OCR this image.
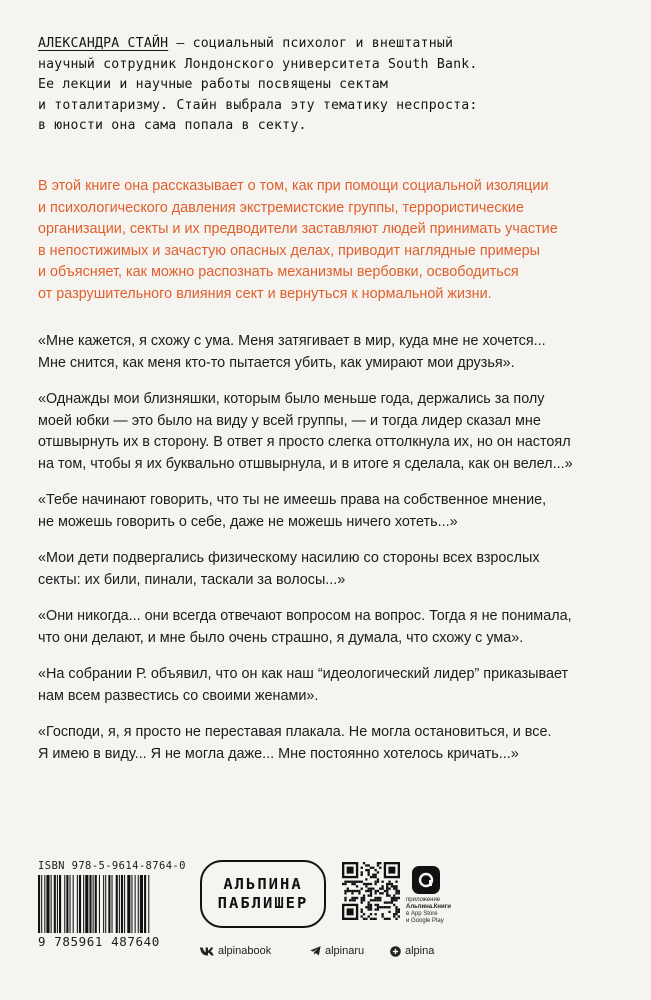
АЛЕКСАНДРА СТАЙН — социальный психолог и внештатный
научный сотрудник Лондонского университета South Bank.
Ее лекции и научные работы посвящены сектам
и тоталитаризму. Стайн выбрала эту тематику неспроста:
в юности она сама попала в секту.
В этой книге она рассказывает о том, как при помощи социальной изоляции
и психологического давления экстремистские группы, террористические
организации, секты и их предводители заставляют людей принимать участие
в непостижимых и зачастую опасных делах, приводит наглядные примеры
и объясняет, как можно распознать механизмы вербовки, освободиться
от разрушительного влияния сект и вернуться к нормальной жизни.
«Мне кажется, я схожу с ума. Меня затягивает в мир, куда мне не хочется...
Мне снится, как меня кто-то пытается убить, как умирают мои друзья».
«Однажды мои близняшки, которым было меньше года, держались за полу
моей юбки — это было на виду у всей группы, — и тогда лидер сказал мне
отшвырнуть их в сторону. В ответ я просто слегка оттолкнула их, но он настоял
на том, чтобы я их буквально отшвырнула, и в итоге я сделала, как он велел...»
«Тебе начинают говорить, что ты не имеешь права на собственное мнение,
не можешь говорить о себе, даже не можешь ничего хотеть...»
«Мои дети подвергались физическому насилию со стороны всех взрослых
секты: их били, пинали, таскали за волосы...»
«Они никогда... они всегда отвечают вопросом на вопрос. Тогда я не понимала,
что они делают, и мне было очень страшно, я думала, что схожу с ума».
«На собрании Р. объявил, что он как наш “идеологический лидер” приказывает
нам всем развестись со своими женами».
«Господи, я, я просто не переставая плакала. Не могла остановиться, и все.
Я имею в виду... Я не могла даже... Мне постоянно хотелось кричать...»
ISBN 978-5-9614-8764-0
9 785961 487640
АЛЬПИНА
ПАБЛИШЕР	приложение
Альпина.Книги
в App Store
и Google Play
alpinabook	alpinaru	alpina
